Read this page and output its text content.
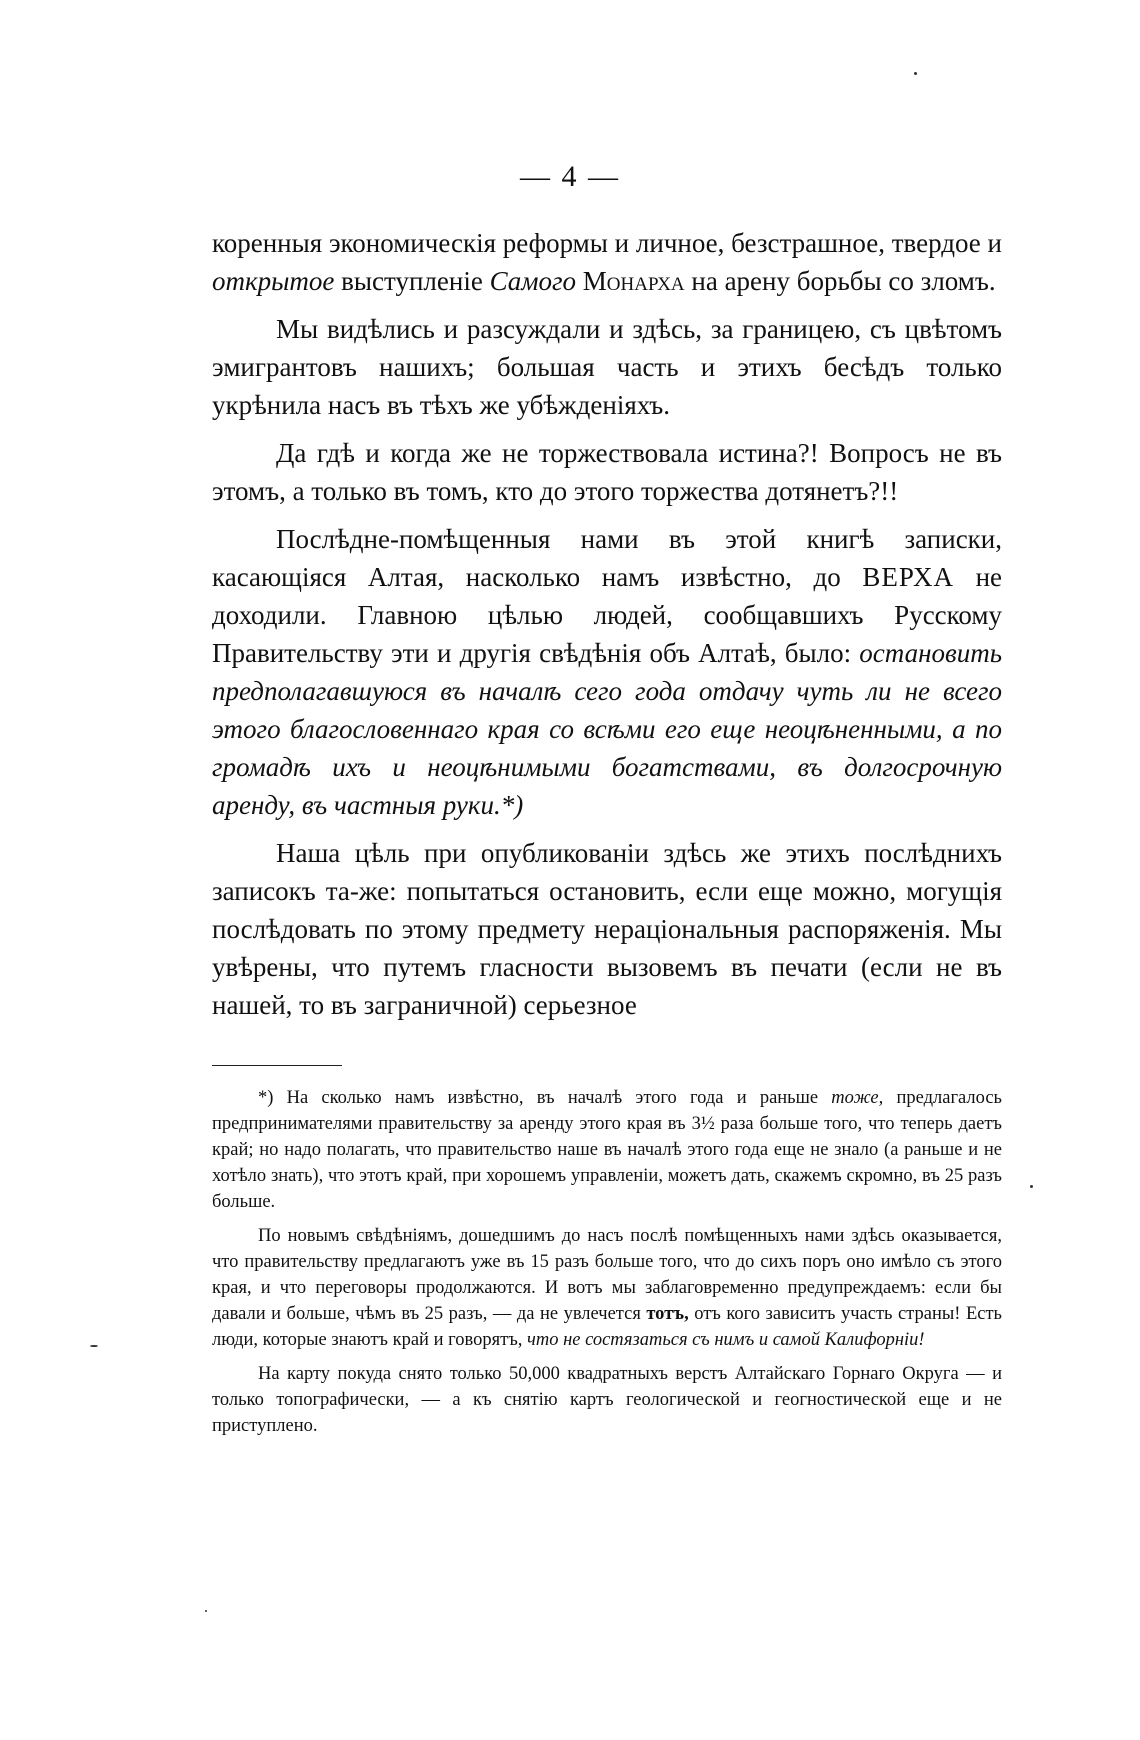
— 4 —

коренныя экономическія реформы и личное, безстрашное, твердое и открытое выступленіе Самого Монарха на арену борьбы со зломъ.

Мы видѣлись и разсуждали и здѣсь, за границею, съ цвѣтомъ эмигрантовъ нашихъ; большая часть и этихъ бесѣдъ только укрѣнила насъ въ тѣхъ же убѣжденіяхъ.

Да гдѣ и когда же не торжествовала истина?! Вопросъ не въ этомъ, а только въ томъ, кто до этого торжества дотянетъ?!!

Послѣдне-помѣщенныя нами въ этой книгѣ записки, касающіяся Алтая, насколько намъ извѣстно, до ВЕРХА не доходили. Главною цѣлью людей, сообщавшихъ Русскому Правительству эти и другія свѣдѣнія объ Алтаѣ, было: остановить предполагавшуюся въ началѣ сего года отдачу чуть ли не всего этого благословеннаго края со всѣми его еще неоцѣненными, а по громадѣ ихъ и неоцѣнимыми богатствами, въ долгосрочную аренду, въ частныя руки.*)

Наша цѣль при опубликованіи здѣсь же этихъ послѣднихъ записокъ та-же: попытаться остановить, если еще можно, могущія послѣдовать по этому предмету нераціональныя распоряженія. Мы увѣрены, что путемъ гласности вызовемъ въ печати (если не въ нашей, то въ заграничной) серьезное

*) На сколько намъ извѣстно, въ началѣ этого года и раньше тоже, предлагалось предпринимателями правительству за аренду этого края въ 3½ раза больше того, что теперь даетъ край; но надо полагать, что правительство наше въ началѣ этого года еще не знало (а раньше и не хотѣло знать), что этотъ край, при хорошемъ управленіи, можетъ дать, скажемъ скромно, въ 25 разъ больше.

По новымъ свѣдѣніямъ, дошедшимъ до насъ послѣ помѣщенныхъ нами здѣсь оказывается, что правительству предлагаютъ уже въ 15 разъ больше того, что до сихъ поръ оно имѣло съ этого края, и что переговоры продолжаются. И вотъ мы заблаговременно предупреждаемъ: если бы давали и больше, чѣмъ въ 25 разъ, — да не увлечется тотъ, отъ кого зависитъ участь страны! Есть люди, которые знаютъ край и говорятъ, что не состязаться съ нимъ и самой Калифорніи!

На карту покуда снято только 50,000 квадратныхъ верстъ Алтайскаго Горнаго Округа — и только топографически, — а къ снятію картъ геологической и геогностической еще и не приступлено.
